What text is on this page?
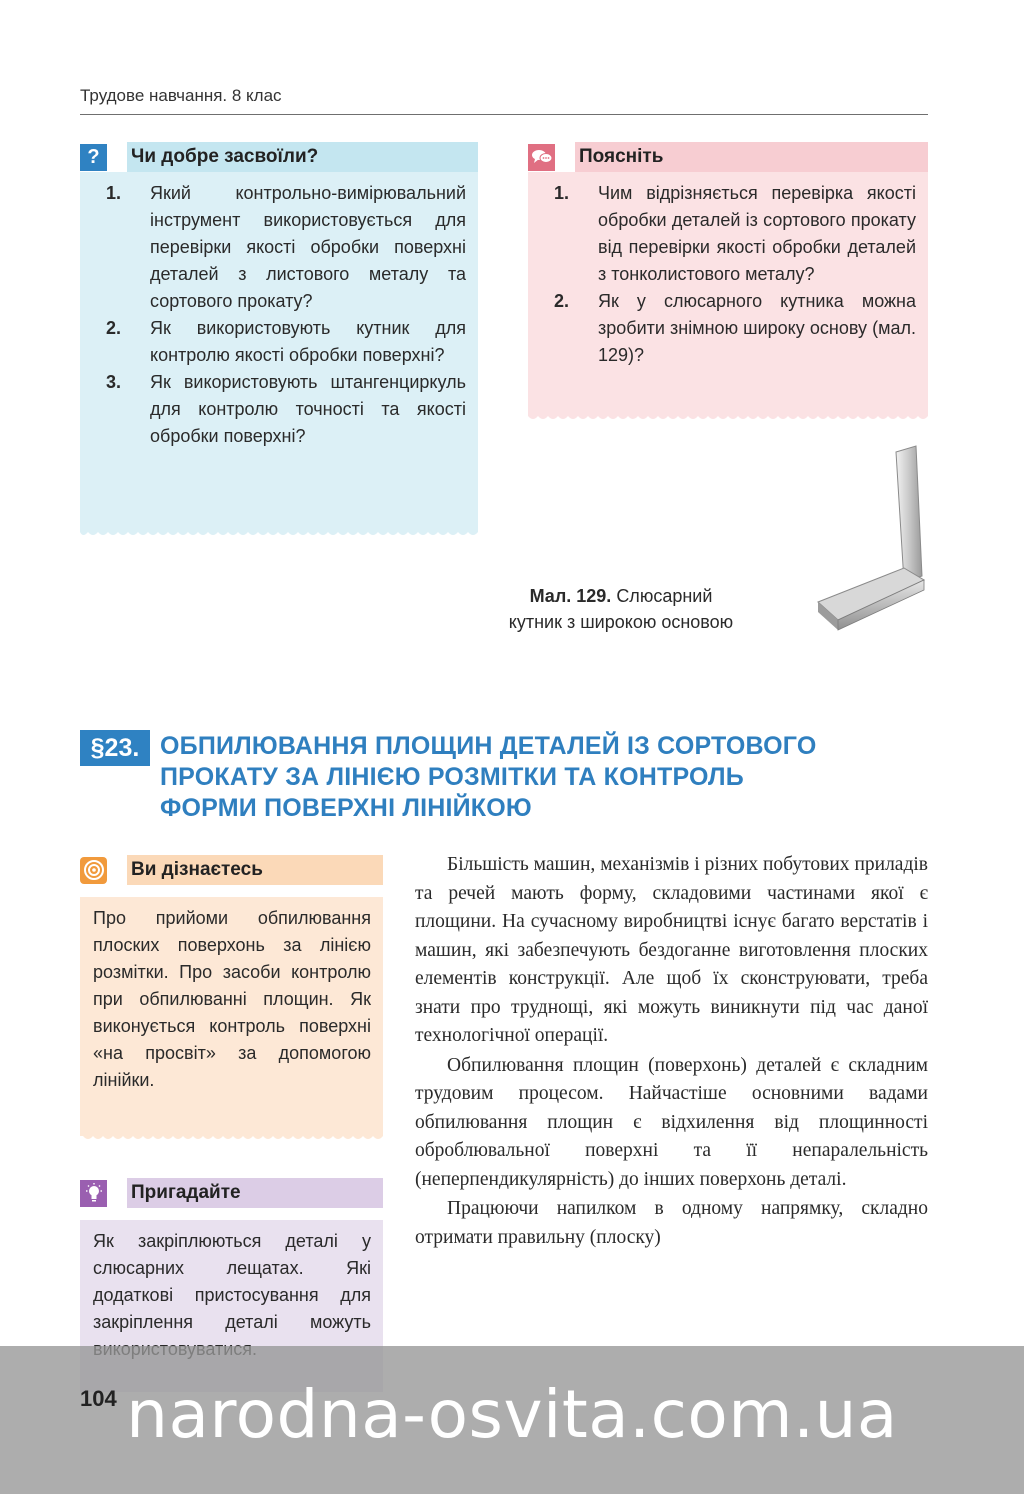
Трудове навчання. 8 клас
?	Чи добре засвоїли?
1.	Який контрольно-вимірювальний інструмент використовується для перевірки якості обробки поверхні деталей з листового металу та сортового прокату?
2.	Як використовують кутник для контролю якості обробки поверхні?
3.	Як використовують штангенциркуль для контролю точності та якості обробки поверхні?
Поясніть
1.	Чим відрізняється перевірка якості обробки деталей із сортового прокату від перевірки якості обробки деталей з тонколистового металу?
2.	Як у слюсарного кутника можна зробити знімною широку основу (мал. 129)?
Мал. 129. Слюсарний
кутник з широкою основою
§23. ОБПИЛЮВАННЯ ПЛОЩИН ДЕТАЛЕЙ ІЗ СОРТОВОГО
ПРОКАТУ ЗА ЛІНІЄЮ РОЗМІТКИ ТА КОНТРОЛЬ
ФОРМИ ПОВЕРХНІ ЛІНІЙКОЮ
Ви дізнаєтесь
Про прийоми обпилювання плоских поверхонь за лінією розмітки. Про засоби контролю при обпилюванні площин. Як виконується контроль поверхні «на просвіт» за допомогою лінійки.
Пригадайте
Як закріплюються деталі у слюсарних лещатах. Які додаткові пристосування для закріплення деталі можуть

Більшість машин, механізмів і різних побутових приладів та речей мають форму, складовими частинами якої є площини. На сучасному виробництві існує багато верстатів і машин, які забезпечують бездоганне виготовлення плоских елементів конструкції. Але щоб їх сконструювати, треба знати про труднощі, які можуть виникнути під час даної технологічної операції.

Обпилювання площин (поверхонь) деталей є складним трудовим процесом. Найчастіше основними вадами обпилювання площин є відхилення від площинності оброблювальної поверхні та її непаралельність (неперпендикулярність) до інших поверхонь деталі.

Працюючи напилком в одному напрямку, складно отримати правильну (плоску)

104 narodna-osvita.com.ua
